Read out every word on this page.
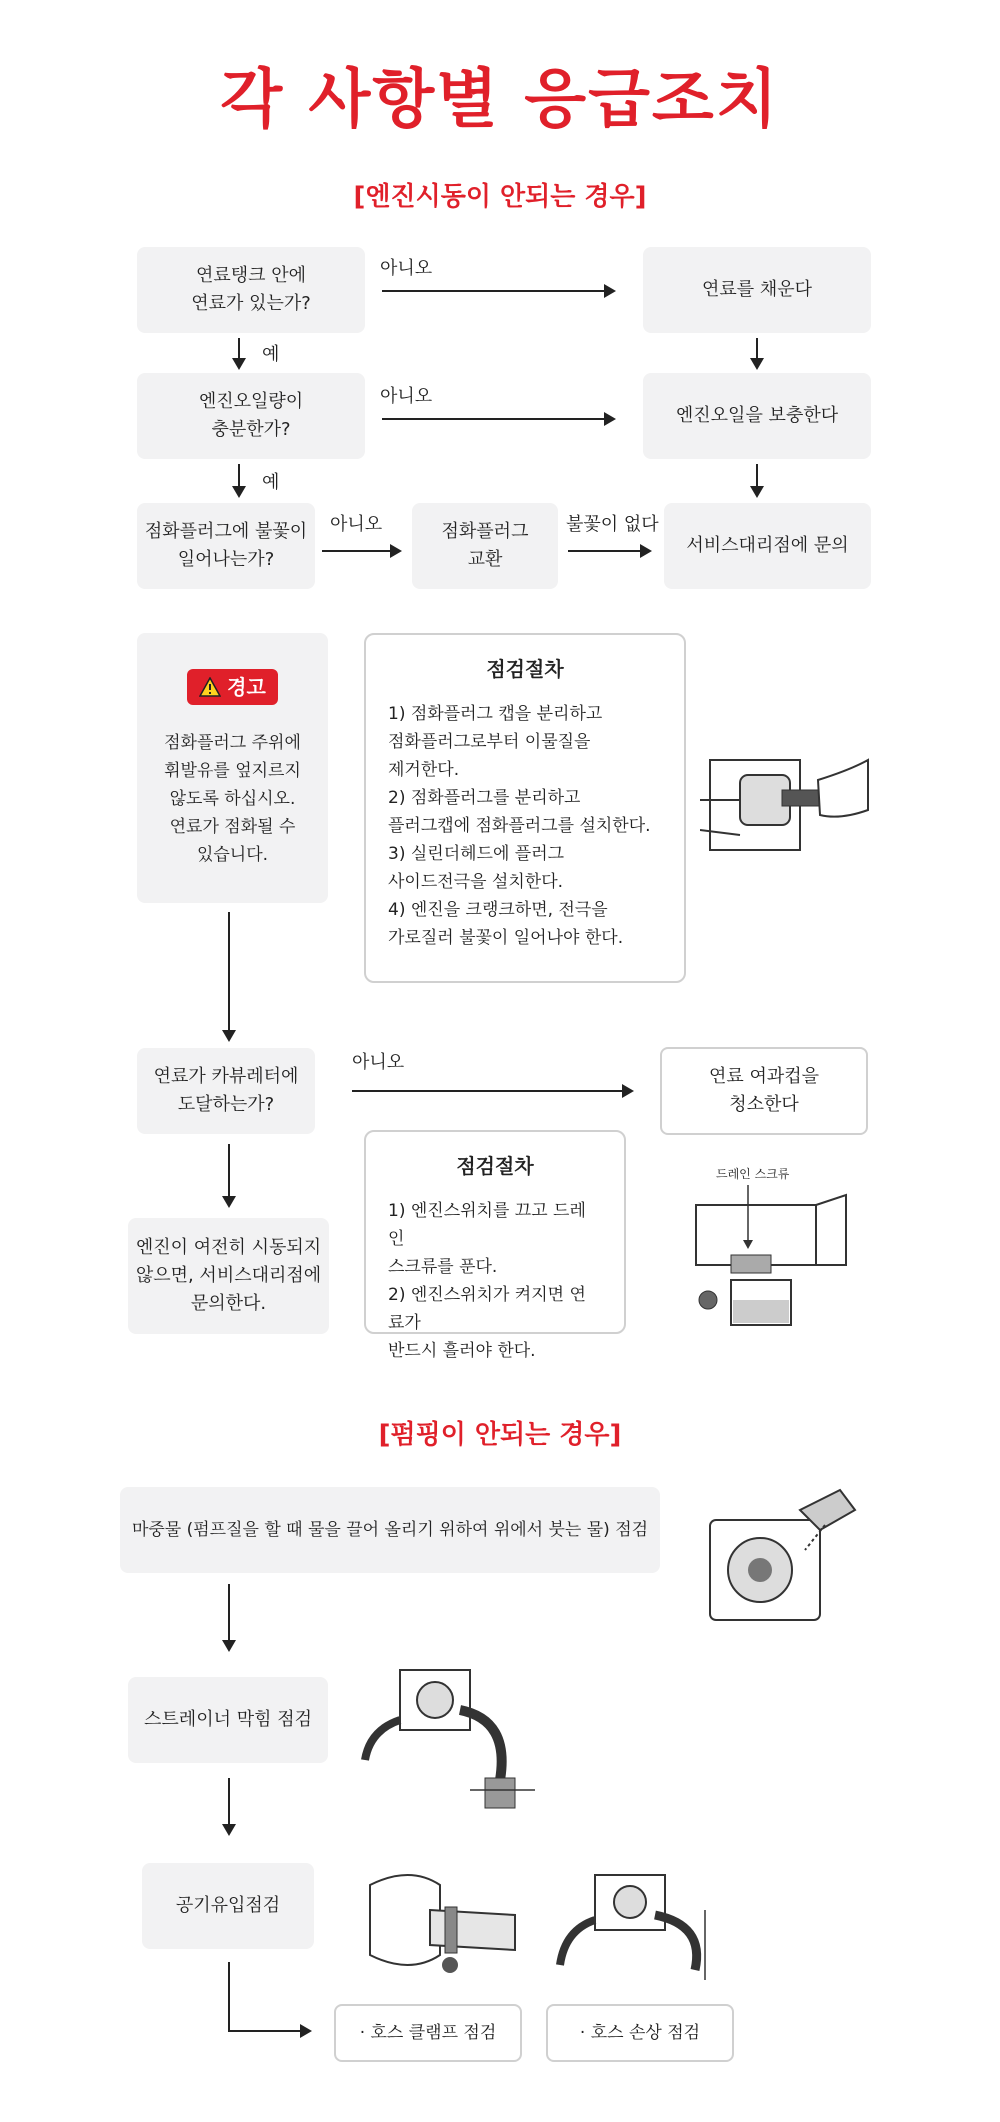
각 사항별 응급조치
[엔진시동이 안되는 경우]
연료탱크 안에
연료가 있는가?
아니오
연료를 채운다
예
엔진오일량이
충분한가?
아니오
엔진오일을 보충한다
예
점화플러그에 불꽃이
일어나는가?
아니오	점화플러그
교환
불꽃이 없다
서비스대리점에 문의
경고
점화플러그 주위에
휘발유를 엎지르지
않도록 하십시오.
연료가 점화될 수
있습니다.
점검절차
1) 점화플러그 캡을 분리하고
점화플러그로부터 이물질을
제거한다.
2) 점화플러그를 분리하고
플러그캡에 점화플러그를 설치한다.
3) 실린더헤드에 플러그
사이드전극을 설치한다.
4) 엔진을 크랭크하면, 전극을
가로질러 불꽃이 일어나야 한다.
연료가 카뷰레터에
도달하는가?
아니오
연료 여과컵을
청소한다
엔진이 여전히 시동되지
않으면, 서비스대리점에
문의한다.
점검절차
1) 엔진스위치를 끄고 드레인
스크류를 푼다.
2) 엔진스위치가 켜지면 연료가
반드시 흘러야 한다.
드레인 스크류
[펌핑이 안되는 경우]
마중물 (펌프질을 할 때 물을 끌어 올리기 위하여 위에서 붓는 물) 점검
스트레이너 막힘 점검
공기유입점검
· 호스 클램프 점검	· 호스 손상 점검
